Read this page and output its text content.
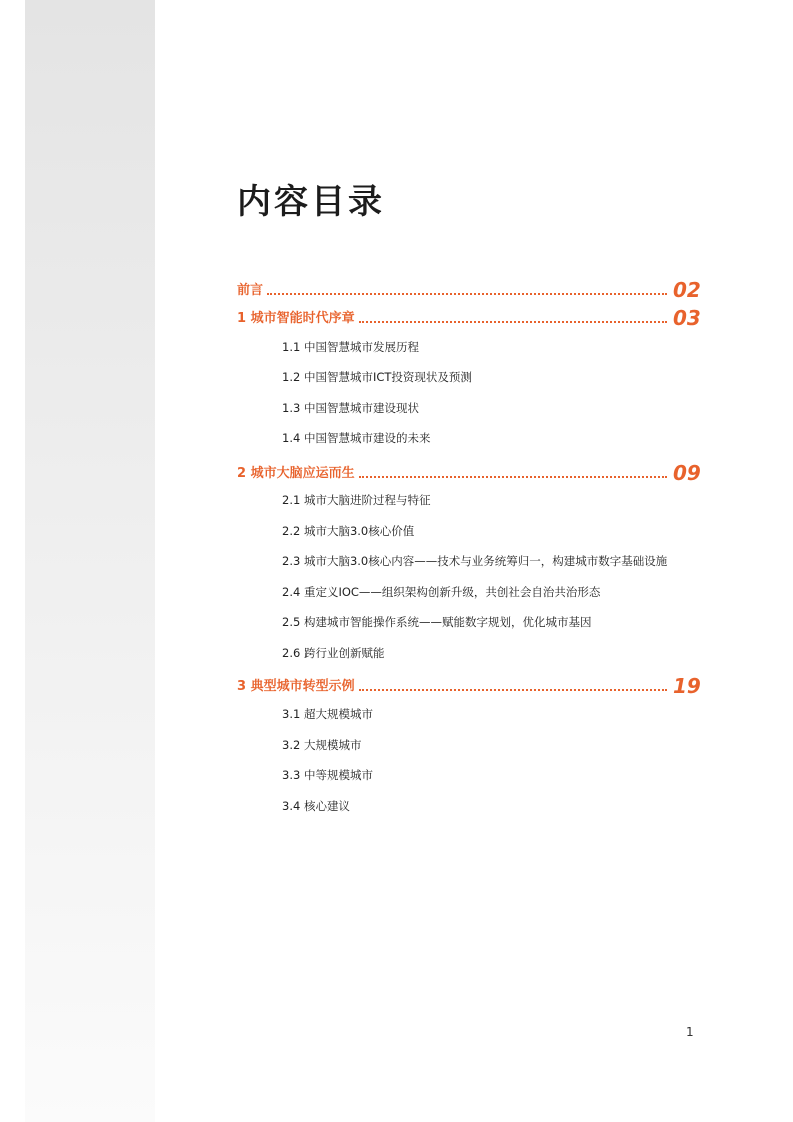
内容目录
前言	02
1 城市智能时代序章	03
1.1 中国智慧城市发展历程
1.2 中国智慧城市ICT投资现状及预测
1.3 中国智慧城市建设现状
1.4 中国智慧城市建设的未来
2 城市大脑应运而生	09
2.1 城市大脑进阶过程与特征
2.2 城市大脑3.0核心价值
2.3 城市大脑3.0核心内容——技术与业务统筹归一，构建城市数字基础设施
2.4 重定义IOC——组织架构创新升级，共创社会自治共治形态
2.5 构建城市智能操作系统——赋能数字规划，优化城市基因
2.6 跨行业创新赋能
3 典型城市转型示例	19
3.1 超大规模城市
3.2 大规模城市
3.3 中等规模城市
3.4 核心建议
1
